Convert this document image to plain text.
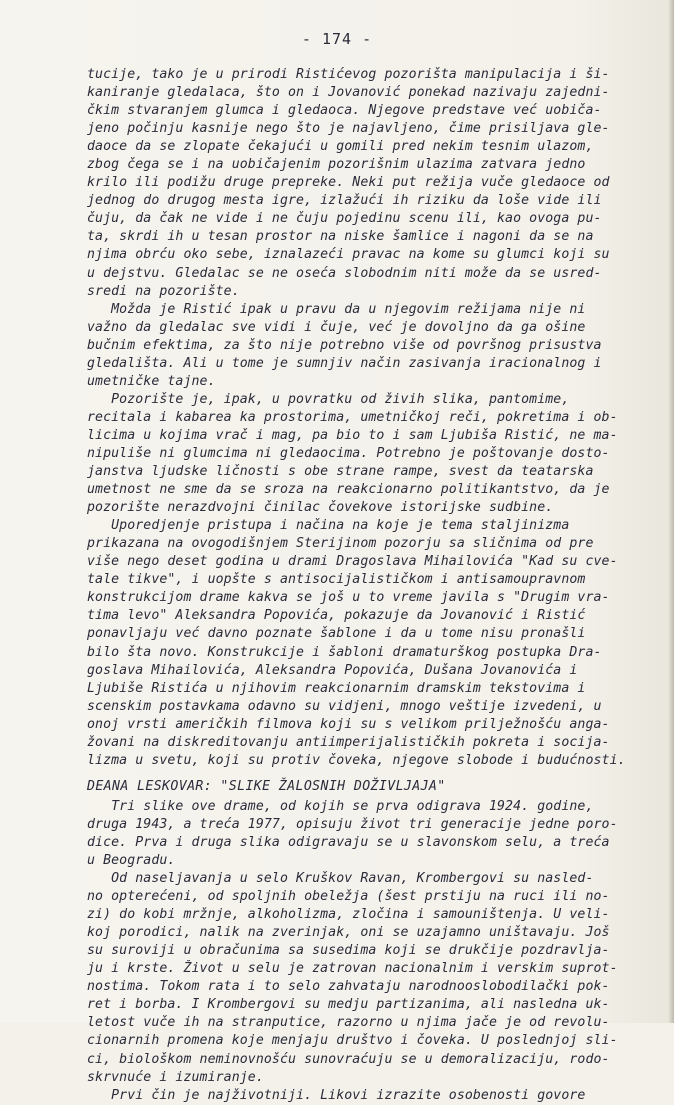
- 174 -
tucije, tako je u prirodi Ristićevog pozorišta manipulacija i ši-
kaniranje gledalaca, što on i Jovanović ponekad nazivaju zajedni-
čkim stvaranjem glumca i gledaoca. Njegove predstave već uobiča-
jeno počinju kasnije nego što je najavljeno, čime prisiljava gle-
daoce da se zlopate čekajući u gomili pred nekim tesnim ulazom,
zbog čega se i na uobičajenim pozorišnim ulazima zatvara jedno
krilo ili podižu druge prepreke. Neki put režija vuče gledaoce od
jednog do drugog mesta igre, izlažući ih riziku da loše vide ili
čuju, da čak ne vide i ne čuju pojedinu scenu ili, kao ovoga pu-
ta, skrdi ih u tesan prostor na niske šamlice i nagoni da se na
njima obrću oko sebe, iznalazeći pravac na kome su glumci koji su
u dejstvu. Gledalac se ne oseća slobodnim niti može da se usred-
sredi na pozorište.
Možda je Ristić ipak u pravu da u njegovim režijama nije ni
važno da gledalac sve vidi i čuje, već je dovoljno da ga ošine
bučnim efektima, za što nije potrebno više od površnog prisustva
gledališta. Ali u tome je sumnjiv način zasivanja iracionalnog i
umetničke tajne.
Pozorište je, ipak, u povratku od živih slika, pantomime,
recitala i kabarea ka prostorima, umetničkoj reči, pokretima i ob-
licima u kojima vrač i mag, pa bio to i sam Ljubiša Ristić, ne ma-
nipuliše ni glumcima ni gledaocima. Potrebno je poštovanje dosto-
janstva ljudske ličnosti s obe strane rampe, svest da teatarska
umetnost ne sme da se sroza na reakcionarno politikantstvo, da je
pozorište nerazdvojni činilac čovekove istorijske sudbine.
Uporedjenje pristupa i načina na koje je tema staljinizma
prikazana na ovogodišnjem Sterijinom pozorju sa sličnima od pre
više nego deset godina u drami Dragoslava Mihailovića "Kad su cve-
tale tikve", i uopšte s antisocijalističkom i antisamoupravnom
konstrukcijom drame kakva se još u to vreme javila s "Drugim vra-
tima levo" Aleksandra Popovića, pokazuje da Jovanović i Ristić
ponavljaju već davno poznate šablone i da u tome nisu pronašli
bilo šta novo. Konstrukcije i šabloni dramaturškog postupka Dra-
goslava Mihailovića, Aleksandra Popovića, Dušana Jovanovića i
Ljubiše Ristića u njihovim reakcionarnim dramskim tekstovima i
scenskim postavkama odavno su vidjeni, mnogo veštije izvedeni, u
onoj vrsti američkih filmova koji su s velikom prilježnošću anga-
žovani na diskreditovanju antiimperijalističkih pokreta i socija-
lizma u svetu, koji su protiv čoveka, njegove slobode i budućnosti.
DEANA LESKOVAR: "SLIKE ŽALOSNIH DOŽIVLJAJA"
Tri slike ove drame, od kojih se prva odigrava 1924. godine,
druga 1943, a treća 1977, opisuju život tri generacije jedne poro-
dice. Prva i druga slika odigravaju se u slavonskom selu, a treća
u Beogradu.
Od naseljavanja u selo Kruškov Ravan, Krombergovi su nasled-
no opterećeni, od spoljnih obeležja (šest prstiju na ruci ili no-
zi) do kobi mržnje, alkoholizma, zločina i samouništenja. U veli-
koj porodici, nalik na zverinjak, oni se uzajamno uništavaju. Još
su suroviji u obračunima sa susedima koji se drukčije pozdravlja-
ju i krste. Život u selu je zatrovan nacionalnim i verskim suprot-
nostima. Tokom rata i to selo zahvataju narodnooslobodilački pok-
ret i borba. I Krombergovi su medju partizanima, ali nasledna uk-
letost vuče ih na stranputice, razorno u njima jače je od revolu-
cionarnih promena koje menjaju društvo i čoveka. U poslednjoj sli-
ci, biološkom neminovnošću sunovraćuju se u demoralizaciju, rodo-
skrvnuće i izumiranje.
Prvi čin je najživotniji. Likovi izrazite osobenosti govore
